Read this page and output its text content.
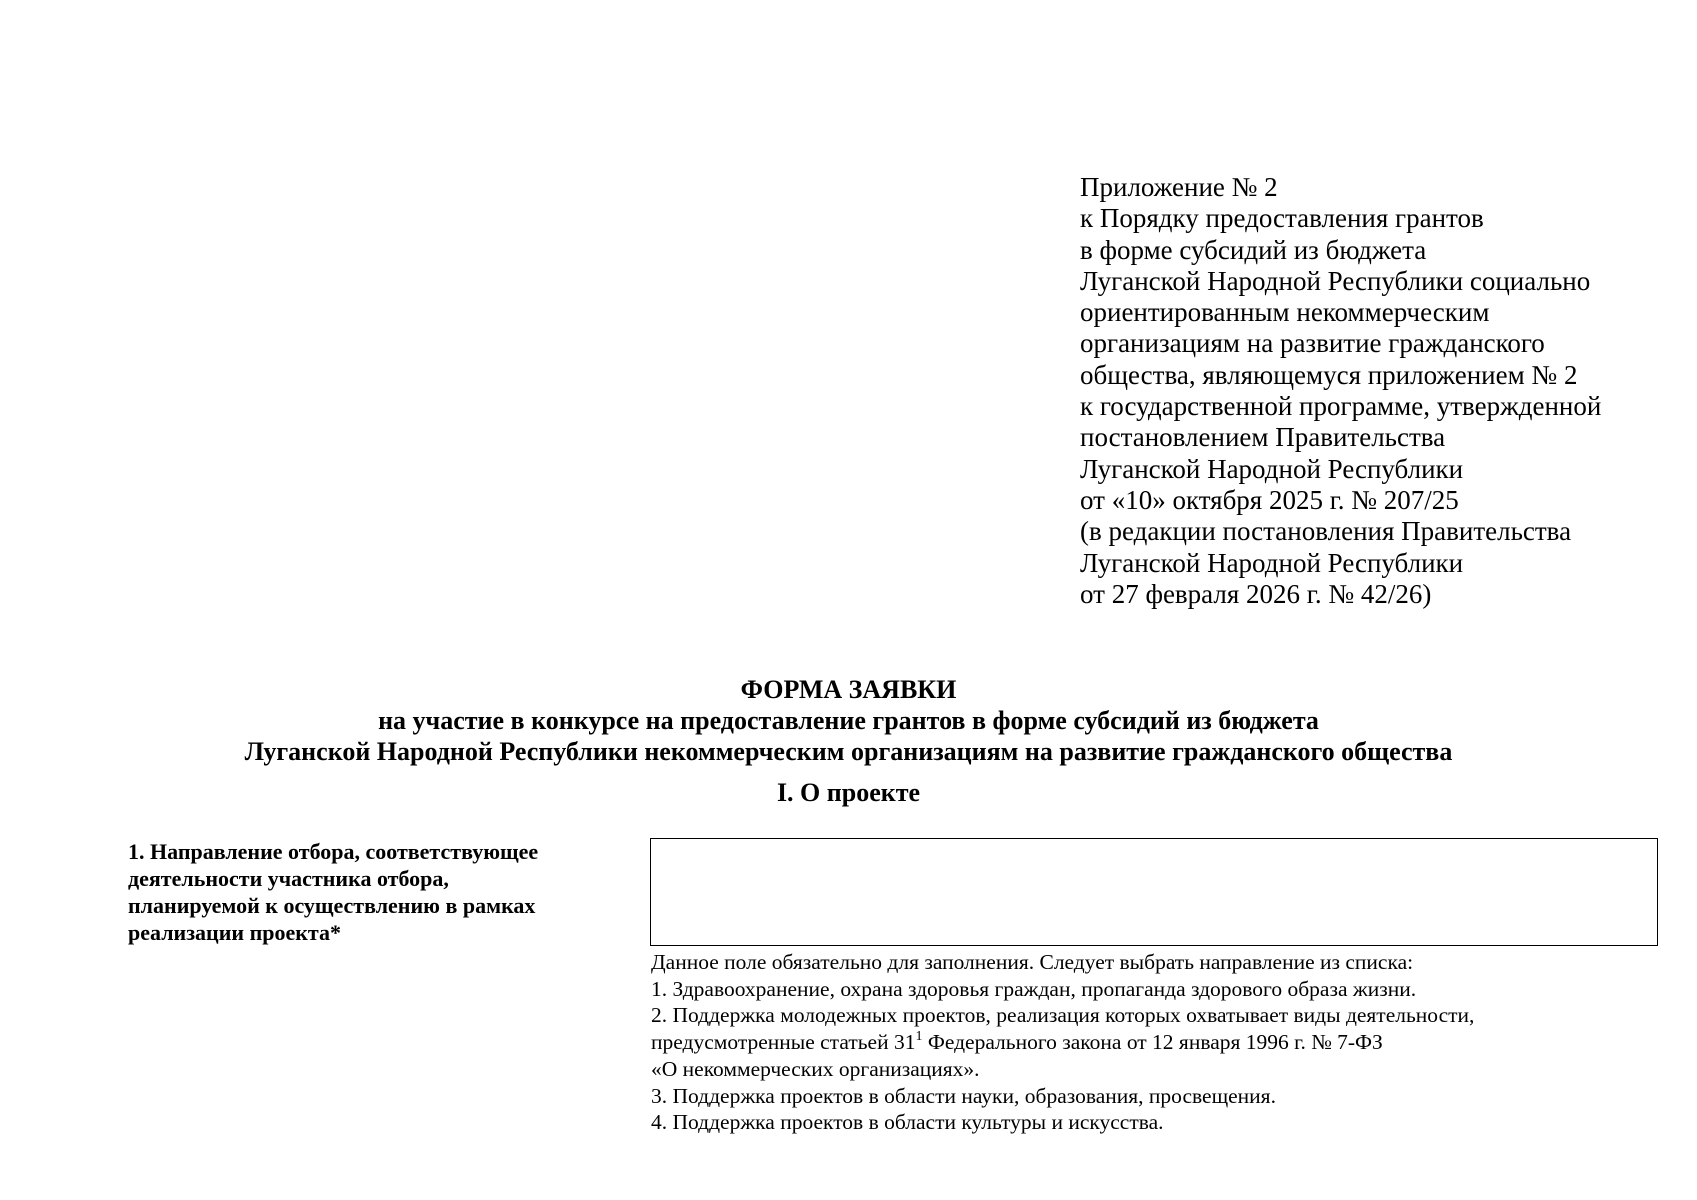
Приложение № 2
к Порядку предоставления грантов
в форме субсидий из бюджета
Луганской Народной Республики социально
ориентированным некоммерческим
организациям на развитие гражданского
общества, являющемуся приложением № 2
к государственной программе, утвержденной
постановлением Правительства
Луганской Народной Республики
от «10» октября 2025 г. № 207/25
(в редакции постановления Правительства
Луганской Народной Республики
от 27 февраля 2026 г. № 42/26)
ФОРМА ЗАЯВКИ
на участие в конкурсе на предоставление грантов в форме субсидий из бюджета
Луганской Народной Республики некоммерческим организациям на развитие гражданского общества
I. О проекте
1. Направление отбора, соответствующее
деятельности участника отбора,
планируемой к осуществлению в рамках
реализации проекта*
Данное поле обязательно для заполнения. Следует выбрать направление из списка:
1. Здравоохранение, охрана здоровья граждан, пропаганда здорового образа жизни.
2. Поддержка молодежных проектов, реализация которых охватывает виды деятельности,
предусмотренные статьей $31^1$ Федерального закона от 12 января 1996 г. № 7-ФЗ
«О некоммерческих организациях».
3. Поддержка проектов в области науки, образования, просвещения.
4. Поддержка проектов в области культуры и искусства.
